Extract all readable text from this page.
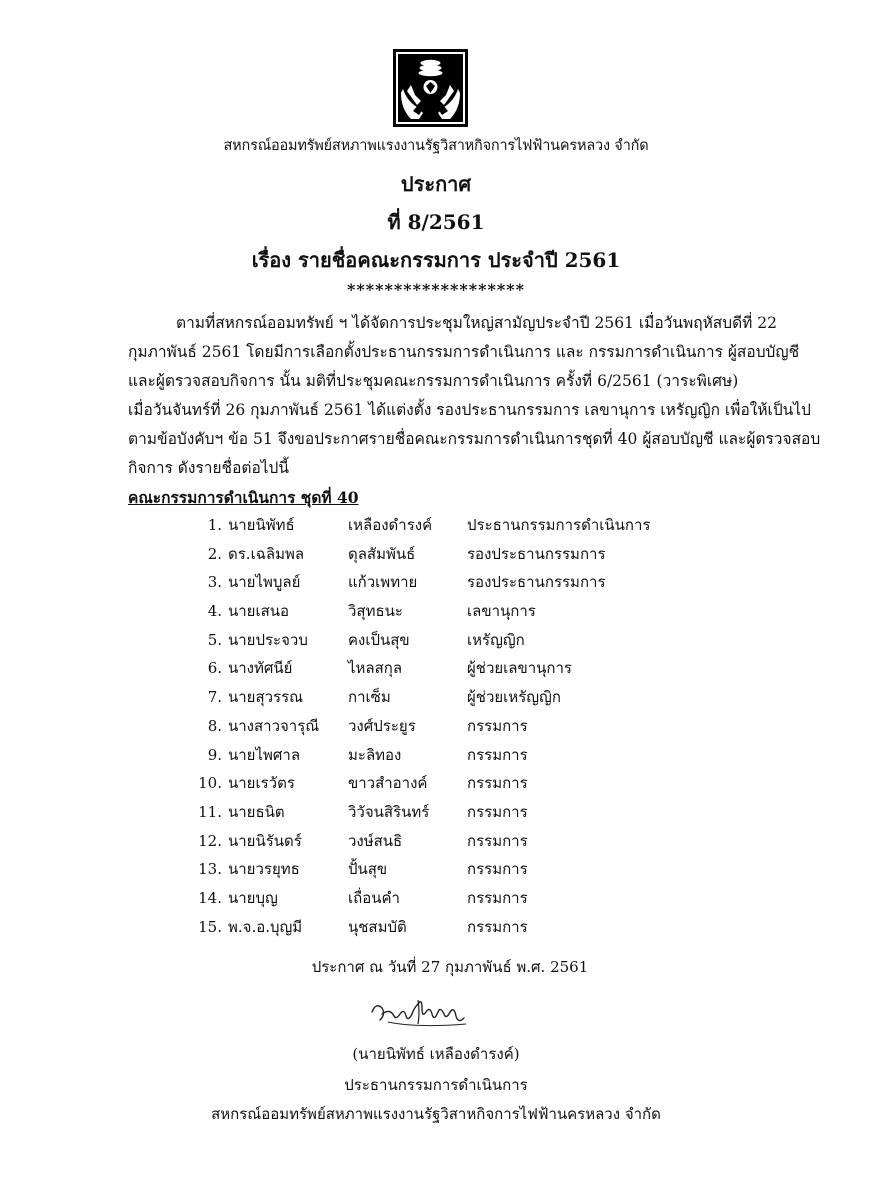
สหกรณ์ออมทรัพย์สหภาพแรงงานรัฐวิสาหกิจการไฟฟ้านครหลวง จำกัด
ประกาศ
ที่ 8/2561
เรื่อง รายชื่อคณะกรรมการ ประจำปี 2561
*******************
ตามที่สหกรณ์ออมทรัพย์ ฯ ได้จัดการประชุมใหญ่สามัญประจำปี 2561 เมื่อวันพฤหัสบดีที่ 22
กุมภาพันธ์ 2561 โดยมีการเลือกตั้งประธานกรรมการดำเนินการ และ กรรมการดำเนินการ ผู้สอบบัญชี
และผู้ตรวจสอบกิจการ นั้น มติที่ประชุมคณะกรรมการดำเนินการ ครั้งที่ 6/2561 (วาระพิเศษ)
เมื่อวันจันทร์ที่ 26 กุมภาพันธ์ 2561 ได้แต่งตั้ง รองประธานกรรมการ เลขานุการ เหรัญญิก เพื่อให้เป็นไป
ตามข้อบังคับฯ ข้อ 51 จึงขอประกาศรายชื่อคณะกรรมการดำเนินการชุดที่ 40 ผู้สอบบัญชี และผู้ตรวจสอบ
กิจการ ดังรายชื่อต่อไปนี้
คณะกรรมการดำเนินการ ชุดที่ 40
1. นายนิพัทธ์	เหลืองดำรงค์ ประธานกรรมการดำเนินการ
2. ดร.เฉลิมพล	ดุลสัมพันธ์	รองประธานกรรมการ
3. นายไพบูลย์	แก้วเพทาย	รองประธานกรรมการ
4. นายเสนอ	วิสุทธนะ	เลขานุการ
5. นายประจวบ	คงเป็นสุข	เหรัญญิก
6. นางทัศนีย์	ไหลสกุล	ผู้ช่วยเลขานุการ
7. นายสุวรรณ	กาเซ็ม	ผู้ช่วยเหรัญญิก
8. นางสาวจารุณี วงศ์ประยูร	กรรมการ
9. นายไพศาล	มะลิทอง	กรรมการ
10. นายเรวัตร	ขาวสำอางค์	กรรมการ
11. นายธนิต	วิวัจนสิรินทร์	กรรมการ
12. นายนิรันดร์	วงษ์สนธิ	กรรมการ
13. นายวรยุทธ	ปั้นสุข	กรรมการ
14. นายบุญ	เถื่อนคำ	กรรมการ
15. พ.จ.อ.บุญมี	นุชสมบัติ	กรรมการ
ประกาศ ณ วันที่ 27 กุมภาพันธ์ พ.ศ. 2561
(นายนิพัทธ์ เหลืองดำรงค์)
ประธานกรรมการดำเนินการ
สหกรณ์ออมทรัพย์สหภาพแรงงานรัฐวิสาหกิจการไฟฟ้านครหลวง จำกัด
